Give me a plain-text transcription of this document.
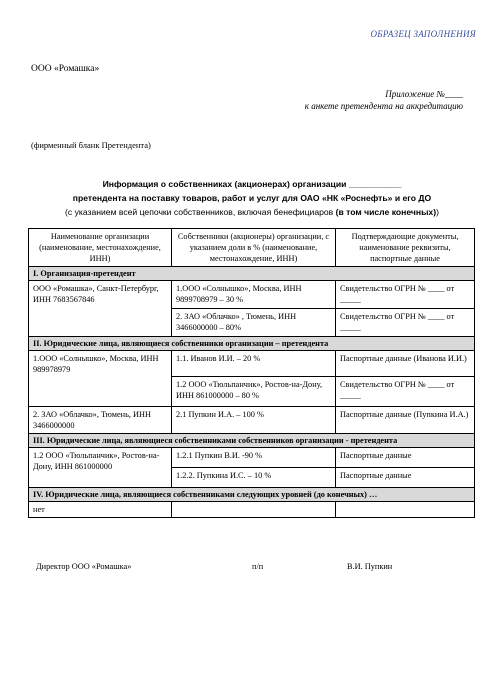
ОБРАЗЕЦ ЗАПОЛНЕНИЯ
ООО «Ромашка»
Приложение №____
к анкете претендента на аккредитацию
(фирменный бланк Претендента)
Информация о собственниках (акционерах) организации ___________
претендента на поставку товаров, работ и услуг для ОАО «НК «Роснефть» и его ДО
(с указанием всей цепочки собственников, включая бенефициаров (в том числе конечных))
Наименование организации (наименование, местонахождение, ИНН)	Собственники (акционеры) организации, с указанием доли в % (наименование, местонахождение, ИНН)	Подтверждающие документы, наименование реквизиты, паспортные данные
I. Организация-претендент		
ООО «Ромашка», Санкт-Петербург, ИНН 7683567846	1.ООО «Солнышко», Москва, ИНН 9899708979 – 30 %	Свидетельство ОГРН № ____ от _____
	2. ЗАО «Облачко» , Тюмень, ИНН 3466000000 – 80%	Свидетельство ОГРН № ____ от _____
II. Юридические лица, являющиеся собственники организации – претендента		
1.ООО «Солнышко», Москва, ИНН 989978979	1.1. Иванов И.И. – 20 %	Паспортные данные (Иванова И.И.)
	1.2 ООО «Тюльпанчик», Ростов-на-Дону, ИНН 861000000 – 80 %	Свидетельство ОГРН № ____ от _____
2. ЗАО «Облачко», Тюмень, ИНН 3466000000	2.1 Пупкин И.А. – 100 %	Паспортные данные (Пупкина И.А.)
III. Юридические лица, являющиеся собственниками собственников организации - претендента		
1.2 ООО «Тюльпанчик», Ростов-на-Дону, ИНН 861000000	1.2.1 Пупкин В.И. -90 %	Паспортные данные
	1.2.2. Пупкина И.С. – 10 %	Паспортные данные
IV. Юридические лица, являющиеся собственниками следующих уровней (до конечных) …		
нет		
Директор ООО «Ромашка»	п/п	В.И. Пупкин
